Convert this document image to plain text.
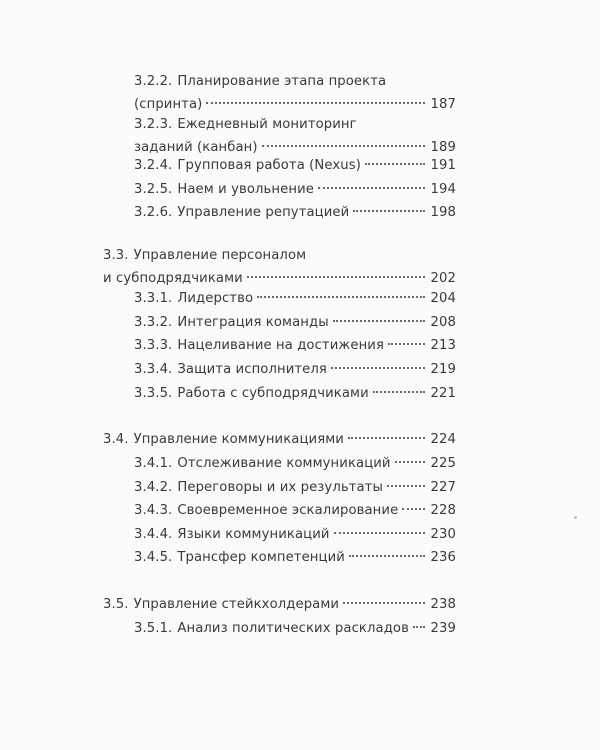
3.2.2. Планирование этапа проекта
(спринта)	187
3.2.3. Ежедневный мониторинг
заданий (канбан)	189
3.2.4. Групповая работа (Nexus)	191
3.2.5. Наем и увольнение	194
3.2.6. Управление репутацией	198
3.3. Управление персоналом
и субподрядчиками	202
3.3.1. Лидерство	204
3.3.2. Интеграция команды	208
3.3.3. Нацеливание на достижения	213
3.3.4. Защита исполнителя	219
3.3.5. Работа с субподрядчиками	221
3.4. Управление коммуникациями	224
3.4.1. Отслеживание коммуникаций	225
3.4.2. Переговоры и их результаты	227
3.4.3. Своевременное эскалирование 228
3.4.4. Языки коммуникаций	230
3.4.5. Трансфер компетенций	236
3.5. Управление стейкхолдерами	238
3.5.1. Анализ политических раскладов 239
